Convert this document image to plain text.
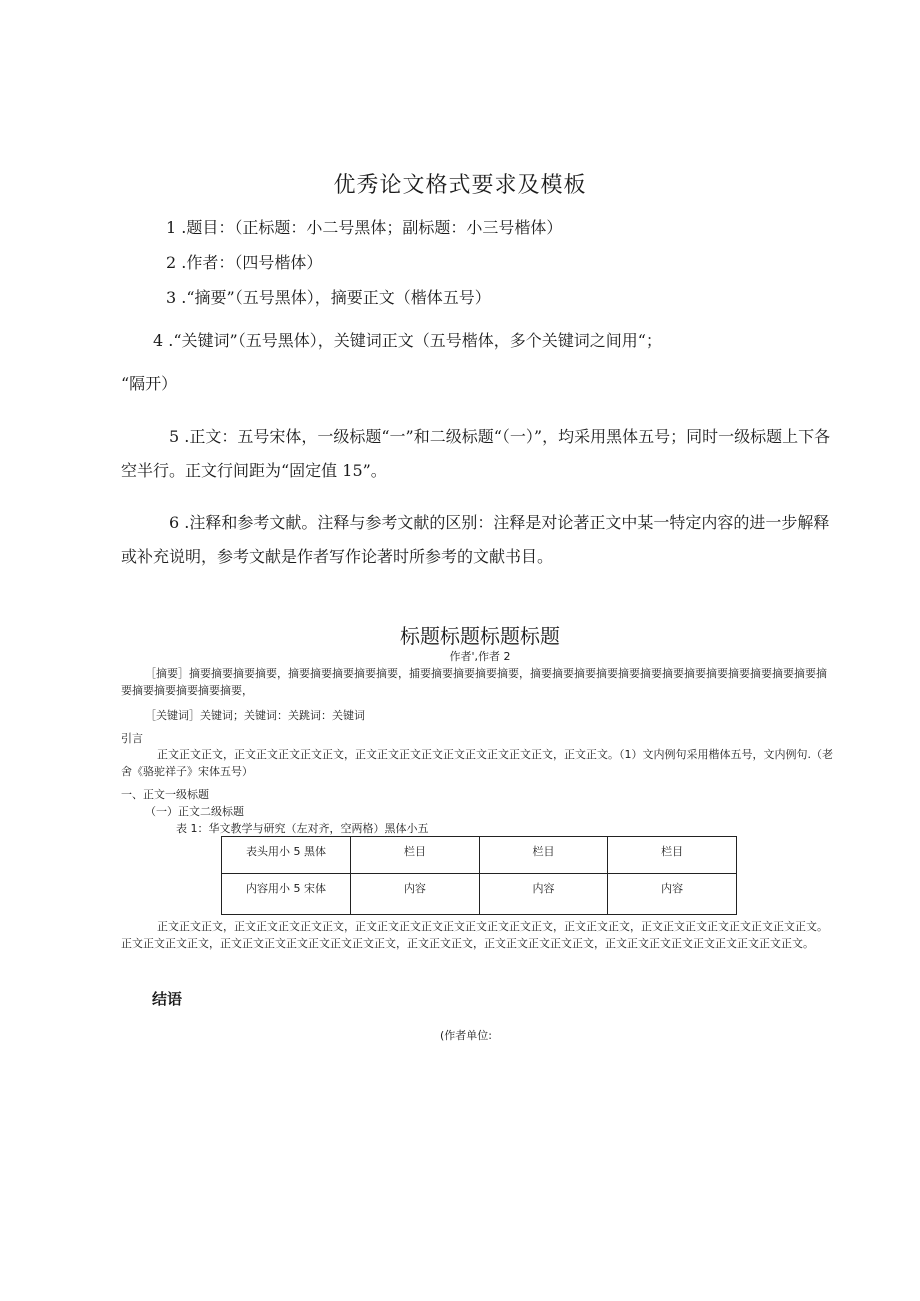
优秀论文格式要求及模板
1 .题目：（正标题：小二号黑体；副标题：小三号楷体）
2 .作者：（四号楷体）
3 .“摘要”（五号黑体），摘要正文（楷体五号）
4 .“关键词”（五号黑体），关键词正文（五号楷体，多个关键词之间用“；
“隔开）
5 .正文：五号宋体，一级标题“一”和二级标题“（一）”，均采用黑体五号；同时一级标题上下各空半行。正文行间距为“固定值 15”。
6 .注释和参考文献。注释与参考文献的区别：注释是对论著正文中某一特定内容的进一步解释或补充说明，参考文献是作者写作论著时所参考的文献书目。
标题标题标题标题
作者',作者 2
［摘要］摘要摘要摘要摘要，摘要摘要摘要摘要摘要，捕要摘要摘要摘要摘要，摘要摘要摘要摘要摘要摘要摘要摘要摘要摘要摘要摘要摘要摘要摘要摘要摘要摘要摘要，
［关键词］关键词；关键词：关跳词：关键词
引言
正文正文正文，正文正文正文正文正文，正文正文正文正文正文正文正文正文正文，正文正文。（1）文内例句采用楷体五号，文内例句.（老舍《骆驼祥子》宋体五号）
一、正文一级标题
（一）正文二级标题
表 1：华文教学与研究（左对齐，空两格）黑体小五
表头用小 5 黑体	栏目	栏目	栏目
内容用小 5 宋体	内容	内容	内容
正文正文正文，正文正文正文正文正文，正文正文正文正文正文正文正文正文正文，正文正文正文，正文正文正文正文正文正文正文正文。正文正文正文正文，正文正文正文正文正文正文正文正文，正文正文正文，正文正文正文正文正文，正文正文正文正文正文正文正文正文正文。
结语
(作者单位:
